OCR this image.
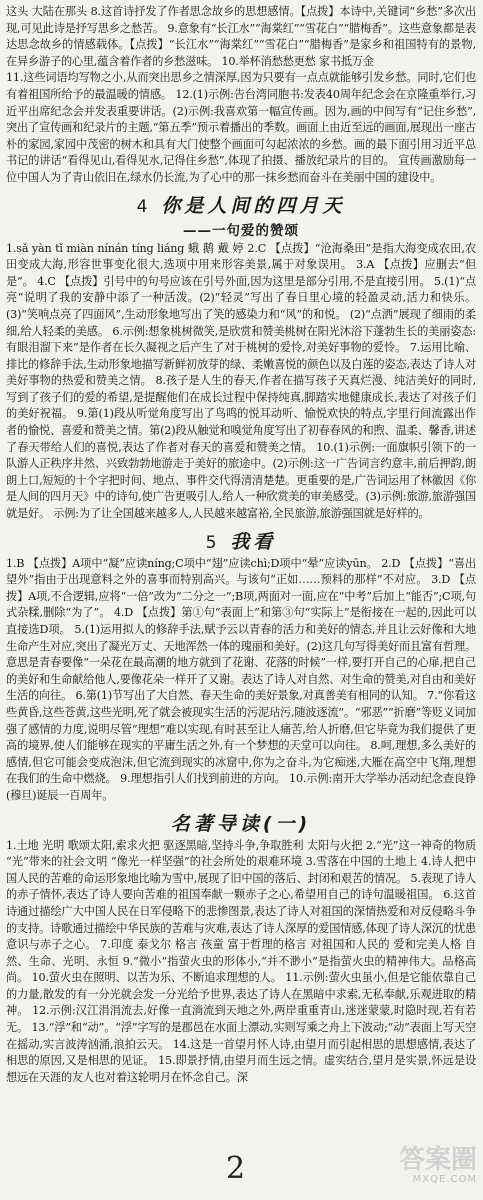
这头 大陆在那头 8.这首诗抒发了作者思念故乡的思想感情。【点拨】本诗中,关键词“乡愁”多次出现,可见此诗是抒写思乡之愁苦。 9.意象有“长江水”“海棠红”“雪花白”“腊梅香”。这些意象都是表达思念故乡的情感载体。【点拨】“长江水”“海棠红”“雪花白”“腊梅香”是家乡和祖国特有的景物,在异乡游子的心里,蕴含着作者的乡愁滋味。 10.举杯消愁愁更愁 家书抵万金

11.这些词语均写物之小,从而突出思乡之情深厚,因为只要有一点点就能够引发乡愁。同时,它们也有着祖国所给予的最温暖的情感。 12.(1)示例:告台湾同胞书:发表40周年纪念会在京隆重举行,习近平出席纪念会并发表重要讲话。(2)示例:我喜欢第一幅宣传画。因为,画的中间写有“记住乡愁”,突出了宣传画和纪录片的主题,“第五季”预示着播出的季数。画面上由近至远的画面,展现出一座古朴的家园,家园中茂密的树木和具有大门使整个画面可勾起浓浓的乡愁。画的最下面引用习近平总书记的讲话“看得见山,看得见水,记得住乡愁”,体现了拍摄、播放纪录片的目的。 宣传画激励每一位中国人为了青山依旧在,绿水仍长流,为了心中的那一抹乡愁而奋斗在美丽中国的建设中。

4 你是人间的四月天
——一句爱的赞颂

1.sǎ yàn tǐ miàn nínán tíng liáng 蛾 鹅 戴 婷 2.C 【点拨】“沧海桑田”是指大海变成农田,农田变成大海,形容世事变化很大,选项中用来形容美景,属于对象误用。 3.A 【点拨】应删去“但是”。 4.C 【点拨】引号中的句号应该在引号外面,因为这里是部分引用,不是直接引用。 5.(1)“点亮”说明了我的安静中添了一种活泼。(2)“轻灵”写出了春日里心境的轻盈灵动,活力和快乐。(3)“笑响点亮了四面风”,生动形象地写出了笑的感染力和“风”的和悦。 (2)“点洒”展现了细雨的柔细,给人轻柔的美感。 6.示例:想象桃树微笑,是欣赏和赞美桃树在阳光沐浴下蓬勃生长的美丽姿态:有眼泪溜下来”是作者在长久凝视之后产生了对于桃树的爱怜,对美好事物的爱怜。 7.运用比喻、排比的修辞手法,生动形象地描写新鲜初放芽的绿、柔嫩喜悦的颜色以及白莲的姿态,表达了诗人对美好事物的热爱和赞美之情。 8.孩子是人生的春天,作者在描写孩子天真烂漫、纯洁美好的同时,写到了孩子们的爱的希望,是提醒他们在成长过程中保持纯真,脚踏实地健康成长,表达了对孩子们的美好祝福。 9.第(1)段从听觉角度写出了鸟鸣的悦耳动听、愉悦欢快的特点,字里行间流露出作者的愉悦、喜爱和赞美之情。第(2)段从触觉和嗅觉角度写出了初春春风的和煦、温柔、馨香,讲述了春天带给人们的喜悦,表达了作者对春天的喜爱和赞美之情。 10.(1)示例:一面旗帜引领下的一队游人正秩序井然、兴致勃勃地游走于美好的旅途中。(2)示例:这一广告词言约意丰,前后押韵,朗朗上口,短短的十个字把时间、地点、事件交代得清清楚楚。更重要的是,广告词运用了林徽因《你是人间的四月天》中的诗句,使广告更吸引人,给人一种欣赏美的审美感受。(3)示例:旅游,旅游强国就是好。 示例:为了让全国越来越多人,人民越来越富裕,全民旅游,旅游强国就是好样的。

5 我看

1.B 【点拨】A项中“凝”应读níng;C项中“翅”应读chì;D项中“晕”应读yūn。 2.D 【点拨】“喜出望外”指由于出现意料之外的喜事而特别高兴。与该句“正如……预料的那样”不对应。 3.D 【点拨】A项,不合逻辑,应将“一倍”改为“二分之一”;B项,两面对一面,应在“中考”后加上“能否”;C项,句式杂糅,删除“为了”。 4.D 【点拨】第①句“表面上”和第③句“实际上”是衔接在一起的,因此可以直接选D项。 5.(1)运用拟人的修辞手法,赋予云以青春的活力和美好的情态,并且让云好像和大地生命产生对应,突出了凝光万丈、天地浑然一体的瑰丽和美好。(2)这几句写得美好而且富有哲理。意思是青春要像“一朵花在最高潮的地方就到了花谢、花落的时候”一样,要打开自己的心扉,把自己的美好和生命献给他人,要像花朵一样开了又谢。表达了诗人对自然、对生命的赞美,对自由和美好生活的向往。 6.第(1)节写出了大自然、春天生命的美好景象,对真善美有相同的认知。 7.“你看这些黄昏,这些苍黄,这些光明,死了就会被现实生活的污泥玷污,随波逐流”。“邪恶”“折磨”等贬义词加强了感情的力度,说明尽管“理想”难以实现,有时甚至让人痛苦,给人折磨,但它毕竟为我们提供了更高的境界,使人们能够在现实的平庸生活之外,有一个梦想的天堂可以向往。 8.呵,理想,多么美好的感情,但它可能会变成泡沫,但它流到现实的冰窟中,你为之奋斗,为它痴迷,大雁在高空中飞翔,理想在我们的生命中燃烧。 9.理想指引人们找到前进的方向。 10.示例:南开大学举办活动纪念查良铮(穆旦)诞辰一百周年。

名著导读(一)

1.土地 光明 歌颂太阳,索求火把 驱逐黑暗,坚持斗争,争取胜利 太阳与火把 2.“光”这一神奇的物质 “光”带来的社会文明 “像光一样坚强”的社会所处的艰难环境 3.雪落在中国的土地上 4.诗人把中国人民的苦难的命运形象地比喻为雪中,展现了旧中国的落后、封闭和艰苦的情况。 5.表现了诗人的赤子情怀,表达了诗人要向苦难的祖国奉献一颗赤子之心,希望用自己的诗句温暖祖国。 6.这首诗通过描绘广大中国人民在日军侵略下的悲惨图景,表达了诗人对祖国的深情热爱和对反侵略斗争的支持。诗歌通过描绘中华民族的苦难与灾难,表达了诗人深厚的爱国情感,体现了诗人深沉的忧患意识与赤子之心。 7.印度 泰戈尔 格言 孩童 富于哲理的格言 对祖国和人民的 爱和完美人格 自然、生命、光明、永恒 9.“微小”指萤火虫的形体小,“并不渺小”是指萤火虫的精神伟大。品格高尚。 10.萤火虫在照明、以苦为乐、不断追求理想的人。 11.示例:萤火虫虽小,但是它能依靠自己的力量,散发的有一分光就会发一分光给予世界,表达了诗人在黑暗中求索,无私奉献,乐观进取的精神。 12.示例:汉江涓涓流去,好像一直淌流到天地之外,两岸重重青山,迷迷蒙蒙,时隐时现,若有若无。 13.“浮”和“动”。“浮”字写的是郡邑在水面上漂动,实则写乘之舟上下波动;“动”表面上写天空在摇动,实言波涛汹涌,浪拍云天。 14.这是一首望月怀人诗,由望月而引起相思的思想感情,表达了相思的原因,又是相思的见证。 15.即景抒情,由望月而生远之情。虚实结合,望月是实景,怀远是设想远在天涯的友人也对着这轮明月在怀念自己。深

2	答案圈
MXQE.COM
